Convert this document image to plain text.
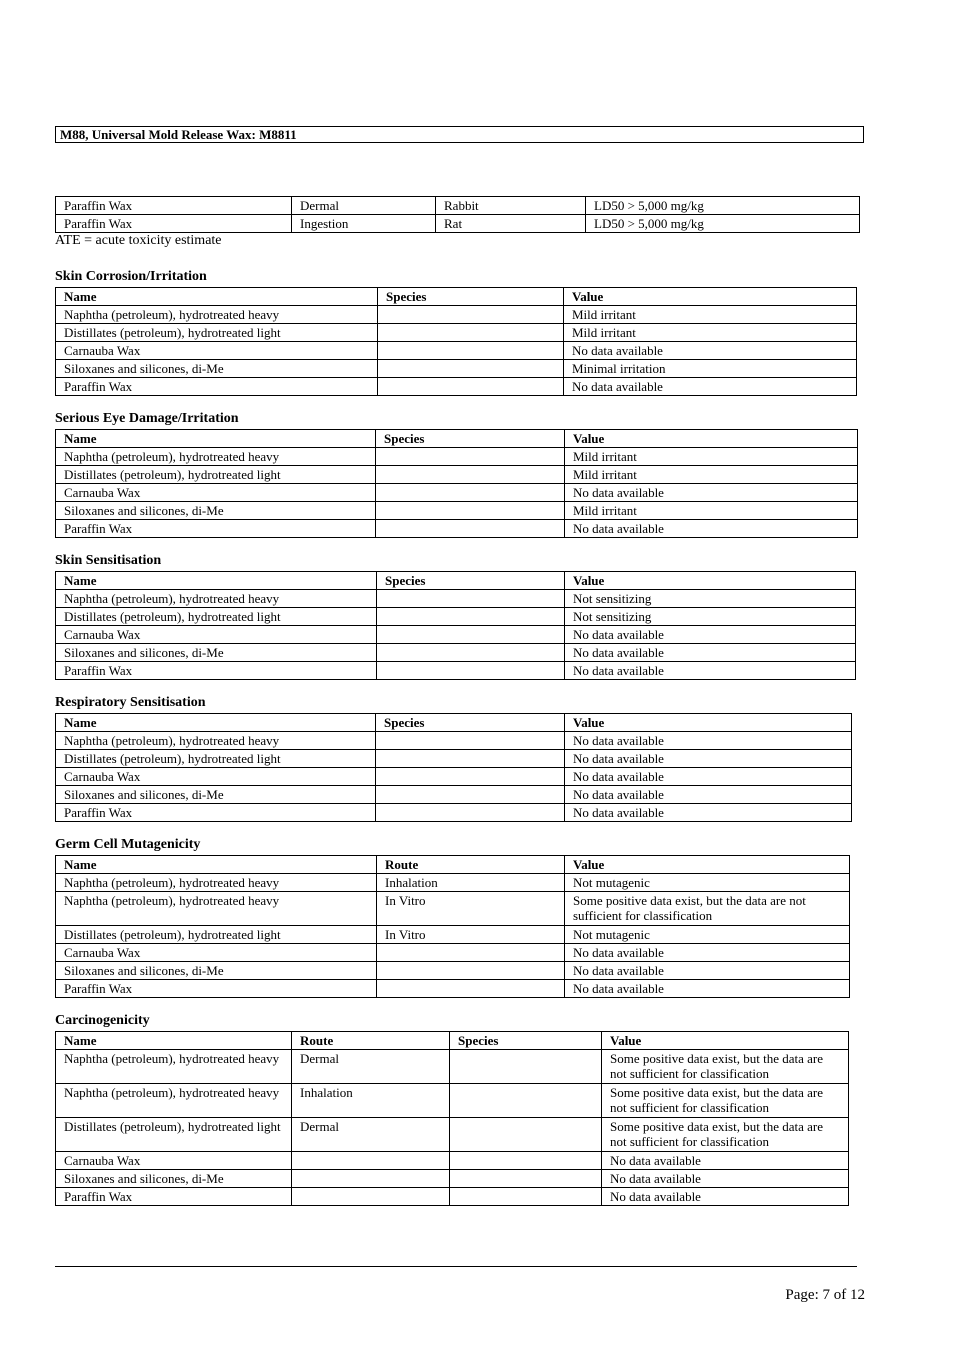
M88, Universal Mold Release Wax: M8811
Paraffin Wax	Dermal	Rabbit	LD50 > 5,000 mg/kg
Paraffin Wax	Ingestion	Rat	LD50 > 5,000 mg/kg
ATE = acute toxicity estimate
Skin Corrosion/Irritation
Name	Species	Value
Naphtha (petroleum), hydrotreated heavy		Mild irritant
Distillates (petroleum), hydrotreated light		Mild irritant
Carnauba Wax		No data available
Siloxanes and silicones, di-Me		Minimal irritation
Paraffin Wax		No data available
Serious Eye Damage/Irritation
Name	Species	Value
Naphtha (petroleum), hydrotreated heavy		Mild irritant
Distillates (petroleum), hydrotreated light		Mild irritant
Carnauba Wax		No data available
Siloxanes and silicones, di-Me		Mild irritant
Paraffin Wax		No data available
Skin Sensitisation
Name	Species	Value
Naphtha (petroleum), hydrotreated heavy		Not sensitizing
Distillates (petroleum), hydrotreated light		Not sensitizing
Carnauba Wax		No data available
Siloxanes and silicones, di-Me		No data available
Paraffin Wax		No data available
Respiratory Sensitisation
Name	Species	Value
Naphtha (petroleum), hydrotreated heavy		No data available
Distillates (petroleum), hydrotreated light		No data available
Carnauba Wax		No data available
Siloxanes and silicones, di-Me		No data available
Paraffin Wax		No data available
Germ Cell Mutagenicity
Name	Route	Value
Naphtha (petroleum), hydrotreated heavy	Inhalation	Not mutagenic
Naphtha (petroleum), hydrotreated heavy	In Vitro	Some positive data exist, but the data are not sufficient for classification
Distillates (petroleum), hydrotreated light	In Vitro	Not mutagenic
Carnauba Wax		No data available
Siloxanes and silicones, di-Me		No data available
Paraffin Wax		No data available
Carcinogenicity
Name	Route	Species	Value
Naphtha (petroleum), hydrotreated heavy	Dermal		Some positive data exist, but the data are not sufficient for classification
Naphtha (petroleum), hydrotreated heavy	Inhalation		Some positive data exist, but the data are not sufficient for classification
Distillates (petroleum), hydrotreated light	Dermal		Some positive data exist, but the data are not sufficient for classification
Carnauba Wax			No data available
Siloxanes and silicones, di-Me			No data available
Paraffin Wax			No data available
Page: 7 of 12
